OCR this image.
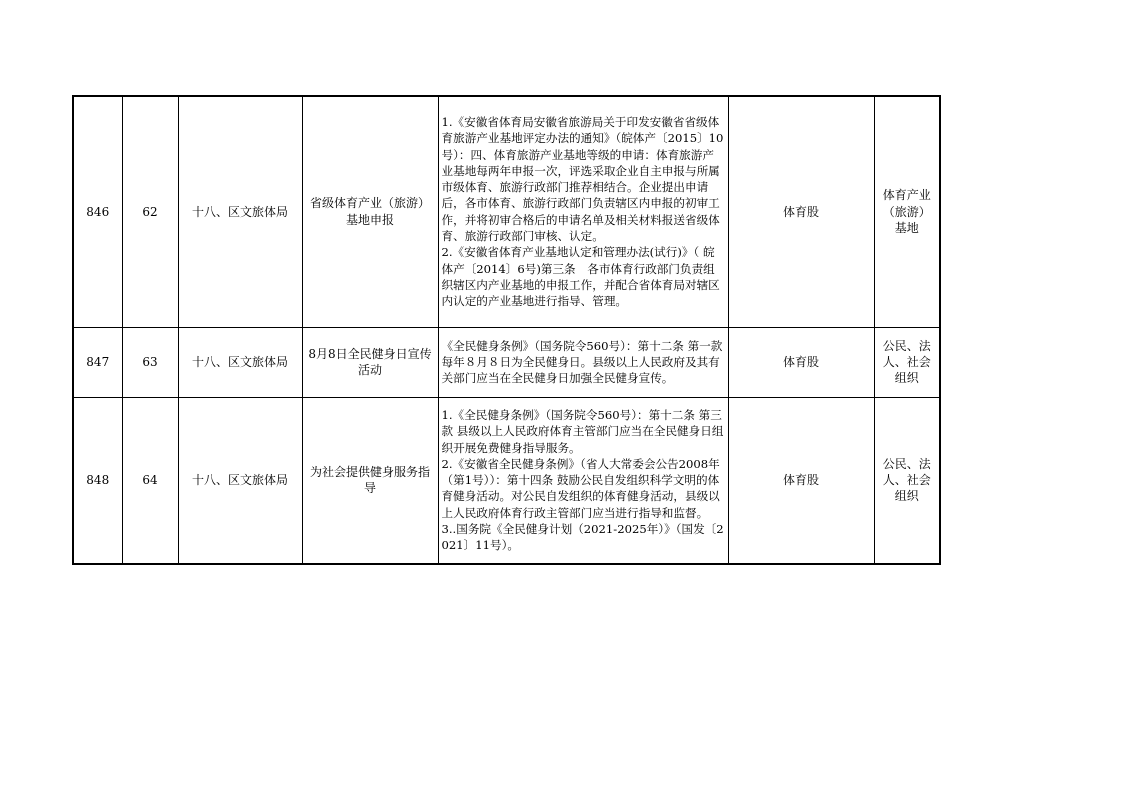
846	62	十八、区文旅体局	省级体育产业（旅游）基地申报	1.《安徽省体育局安徽省旅游局关于印发安徽省省级体育旅游产业基地评定办法的通知》（皖体产〔2015〕10号）：四、体育旅游产业基地等级的申请：体育旅游产业基地每两年申报一次，评选采取企业自主申报与所属市级体育、旅游行政部门推荐相结合。企业提出申请后，各市体育、旅游行政部门负责辖区内申报的初审工作，并将初审合格后的申请名单及相关材料报送省级体育、旅游行政部门审核、认定。
2.《安徽省体育产业基地认定和管理办法(试行)》（ 皖体产〔2014〕6号)第三条　各市体育行政部门负责组织辖区内产业基地的申报工作，并配合省体育局对辖区内认定的产业基地进行指导、管理。	体育股	体育产业（旅游）基地
847	63	十八、区文旅体局	8月8日全民健身日宣传活动	《全民健身条例》（国务院令560号）：第十二条 第一款 每年８月８日为全民健身日。县级以上人民政府及其有关部门应当在全民健身日加强全民健身宣传。	体育股	公民、法人、社会组织
848	64	十八、区文旅体局	为社会提供健身服务指导	1.《全民健身条例》（国务院令560号）：第十二条 第三款 县级以上人民政府体育主管部门应当在全民健身日组织开展免费健身指导服务。
2.《安徽省全民健身条例》（省人大常委会公告2008年（第1号））：第十四条 鼓励公民自发组织科学文明的体育健身活动。对公民自发组织的体育健身活动，县级以上人民政府体育行政主管部门应当进行指导和监督。
3..国务院《全民健身计划（2021-2025年）》（国发〔2021〕11号）。	体育股	公民、法人、社会组织
